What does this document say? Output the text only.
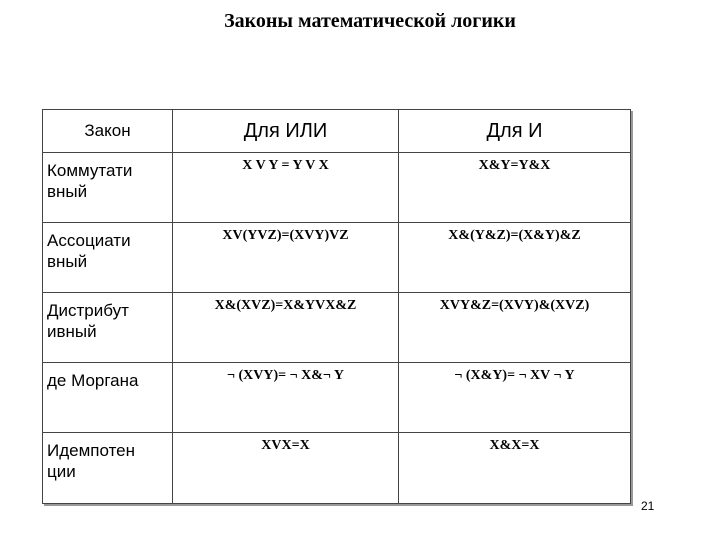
Законы математической логики
Закон	Для ИЛИ	Для И
Коммутати вный	X V Y = Y V X	X&Y=Y&X
Ассоциати вный	XV(YVZ)=(XVY)VZ	X&(Y&Z)=(X&Y)&Z
Дистрибут ивный	X&(XVZ)=X&YVX&Z	XVY&Z=(XVY)&(XVZ)
де Моргана	¬ (XVY)= ¬ X&¬ Y	¬ (X&Y)= ¬ XV ¬ Y
Идемпотен ции	XVX=X	X&X=X
21
